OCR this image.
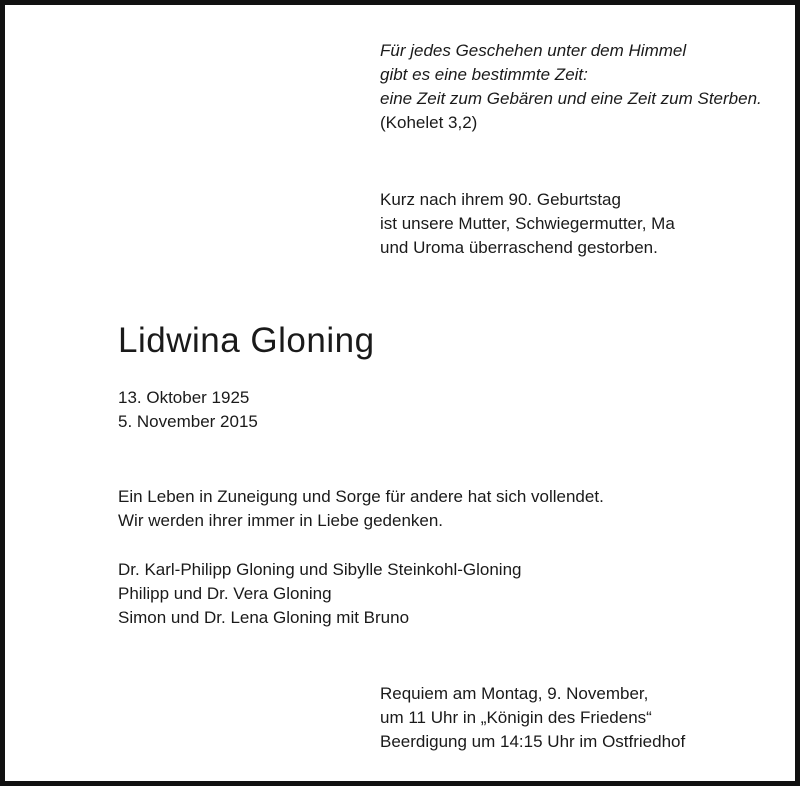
Für jedes Geschehen unter dem Himmel
gibt es eine bestimmte Zeit:
eine Zeit zum Gebären und eine Zeit zum Sterben.
(Kohelet 3,2)
Kurz nach ihrem 90. Geburtstag
ist unsere Mutter, Schwiegermutter, Ma
und Uroma überraschend gestorben.
Lidwina Gloning
13. Oktober 1925
5. November 2015
Ein Leben in Zuneigung und Sorge für andere hat sich vollendet.
Wir werden ihrer immer in Liebe gedenken.
Dr. Karl-Philipp Gloning und Sibylle Steinkohl-Gloning
Philipp und Dr. Vera Gloning
Simon und Dr. Lena Gloning mit Bruno
Requiem am Montag, 9. November,
um 11 Uhr in „Königin des Friedens“
Beerdigung um 14:15 Uhr im Ostfriedhof
